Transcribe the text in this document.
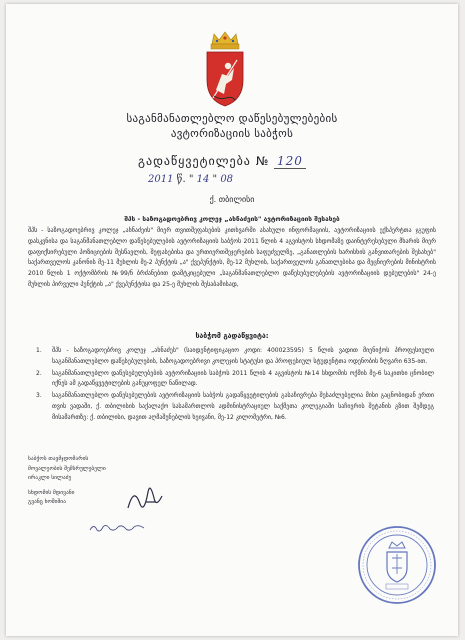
საგანმანათლებლო დაწესებულებების
ავტორიზაციის საბჭოს
გადაწყვეტილება № 120
2011 წ. " 14 " 08
ქ. თბილისი
შპს - საზოგადოებრივ კოლეჯ „ახნაძეის" ავტორიზაციის შესახებ
შპს - საზოგადოებრივ კოლეჯ „ახნაძეის" მიერ თვითშეფასების კითხვარში ასახული ინფორმაციის, ავტორიზაციის ექსპერტთა ჯგუფის დასკვნისა და საგანმანათლებლო დაწესებულების ავტორიზაციის საბჭოს 2011 წლის 4 აგვისტოს სხდომაზე დაინტერესებული მხარის მიერ დაფიქსირებული პოზიციების შესწავლის, შეფასებისა და ურთიერთშეჯერების საფუძველზე, „განათლების ხარისხის განვითარების შესახებ" საქართველოს კანონის მე-11 მუხლის მე-2 პუნქტის „ა" ქვეპუნქტის, მე-12 მუხლის, საქართველოს განათლებისა და მეცნიერების მინისტრის 2010 წლის 1 ოქტომბრის №99/ნ ბრძანებით დამტკიცებული „საგანმანათლებლო დაწესებულებების ავტორიზაციის დებულების" 24-ე მუხლის პირველი პუნქტის „ა" ქვეპუნქტისა და 25-ე მუხლის შესაბამისად,
საბჭომ გადაწყვიტა:
1. შპს - საზოგადოებრივ კოლეჯ „ახნაძეს" (საიდენტიფიკაციო კოდი: 400023595) 5 წლის ვადით მიენიჭოს პროფესიული საგანმანათლებლო დაწესებულების, საზოგადოებრივი კოლეჯის სტატუსი და პროფესიულ სტუდენტთა ოდენობის ზღვარი 635-ით.
2. საგანმანათლებლო დაწესებულებების ავტორიზაციის საბჭოს 2011 წლის 4 აგვისტოს №14 სხდომის ოქმის მე-6 საკითხი ცნობილ იქნეს ამ გადაწყვეტილების განუყოფელ ნაწილად.
3. საგანმანათლებლო დაწესებულების ავტორიზაციის საბჭოს გადაწყვეტილების გასაჩივრება შესაძლებელია მისი გაცნობიდან ერთი თვის ვადაში, ქ. თბილისის საქალაქო სასამართლოს ადმინისტრაციულ საქმეთა კოლეგიაში საჩივრის შეტანის გზით შემდეგ მისამართზე: ქ. თბილისი, დავით აღმაშენებლის ხეივანი, მე-12 კილომეტრი, №6.
საბჭოს თავმჯდომარის
მოვალეობის შემსრულებელი
ირაკლი სილაძე
სხდომის მდივანი
გვანც ხოშიშია
